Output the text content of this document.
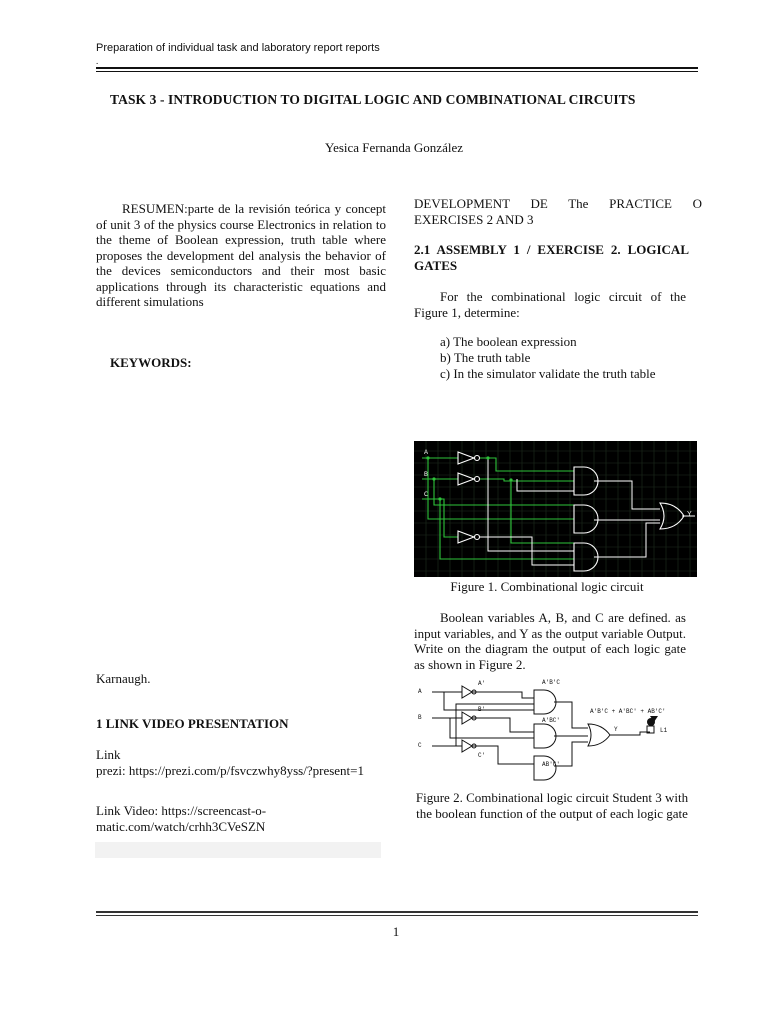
Preparation of individual task and laboratory report reports
.
TASK 3 - INTRODUCTION TO DIGITAL LOGIC AND COMBINATIONAL CIRCUITS
Yesica Fernanda González
RESUMEN:parte de la revisión teórica y concept of unit 3 of the physics course Electronics in relation to the theme of Boolean expression, truth table where proposes the development del analysis the behavior of the devices semiconductors and their most basic applications through its characteristic equations and different simulations
KEYWORDS:
Karnaugh.
1 LINK VIDEO PRESENTATION
Link
prezi: https://prezi.com/p/fsvczwhy8yss/?present=1
Link Video: https://screencast-o-matic.com/watch/crhh3CVeSZN
DEVELOPMENT DE The PRACTICE O EXERCISES 2 AND 3
2.1 ASSEMBLY 1 / EXERCISE 2. LOGICAL GATES
For the combinational logic circuit of the Figure 1, determine:
a) The boolean expression
b) The truth table
c) In the simulator validate the truth table
A
B
C
Y
Figure 1. Combinational logic circuit
Boolean variables A, B, and C are defined. as input variables, and Y as the output variable Output. Write on the diagram the output of each logic gate as shown in Figure 2.
A
B
C
A'
B'
C'
A'B'C
A'BC'
AB'C'
A'B'C + A'BC' + AB'C'
Y	L1
Figure 2. Combinational logic circuit Student 3 with the boolean function of the output of each logic gate
1
